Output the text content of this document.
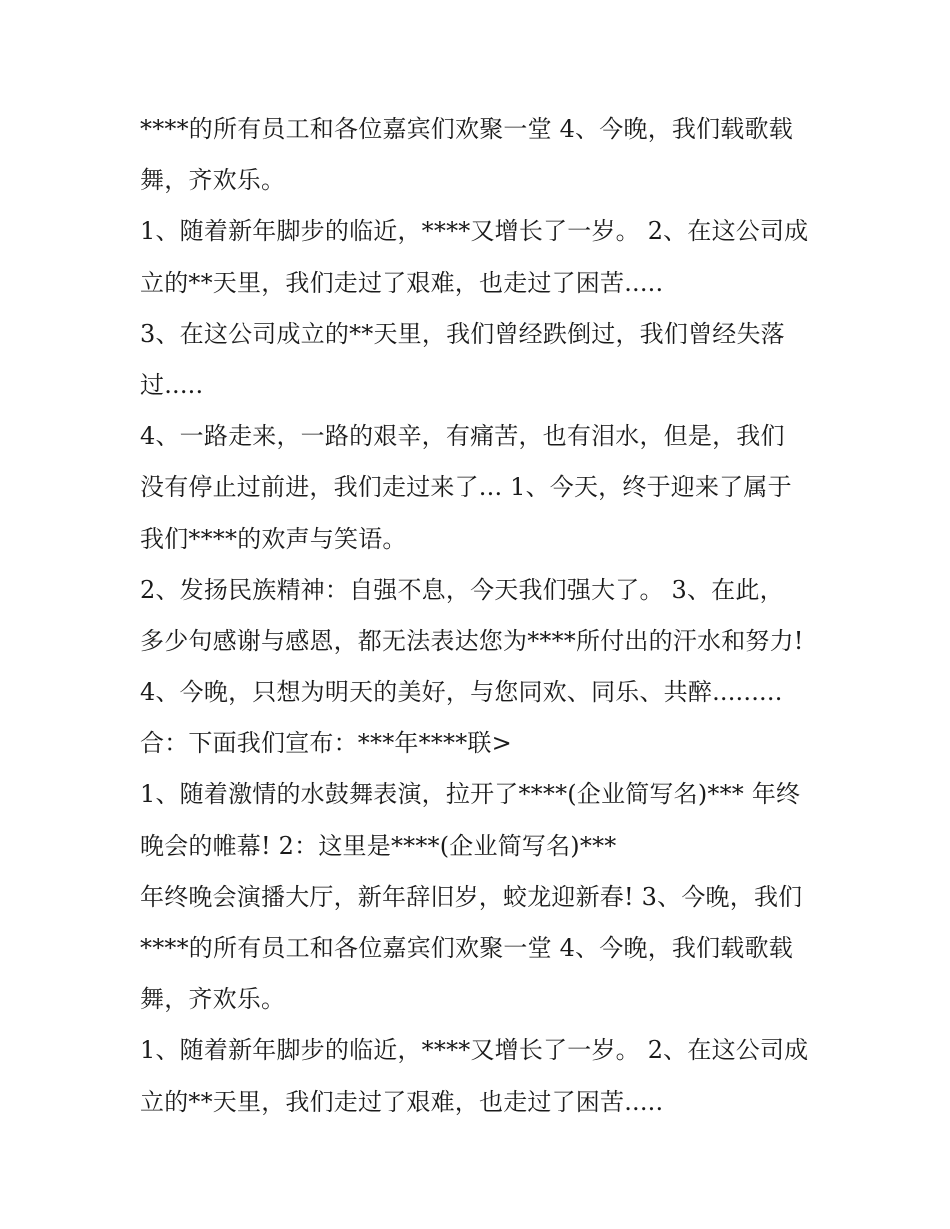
****的所有员工和各位嘉宾们欢聚一堂 4、今晚，我们载歌载
舞，齐欢乐。
1、随着新年脚步的临近，****又增长了一岁。 2、在这公司成
立的**天里，我们走过了艰难，也走过了困苦.....
3、在这公司成立的**天里，我们曾经跌倒过，我们曾经失落
过.....
4、一路走来，一路的艰辛，有痛苦，也有泪水，但是，我们
没有停止过前进，我们走过来了... 1、今天，终于迎来了属于
我们****的欢声与笑语。
2、发扬民族精神：自强不息，今天我们强大了。 3、在此，
多少句感谢与感恩，都无法表达您为****所付出的汗水和努力!
4、今晚，只想为明天的美好，与您同欢、同乐、共醉.........
合：下面我们宣布：***年****联>
1、随着激情的水鼓舞表演，拉开了****(企业简写名)*** 年终
晚会的帷幕! 2：这里是****(企业简写名)***
年终晚会演播大厅，新年辞旧岁，蛟龙迎新春! 3、今晚，我们
****的所有员工和各位嘉宾们欢聚一堂 4、今晚，我们载歌载
舞，齐欢乐。
1、随着新年脚步的临近，****又增长了一岁。 2、在这公司成
立的**天里，我们走过了艰难，也走过了困苦.....
